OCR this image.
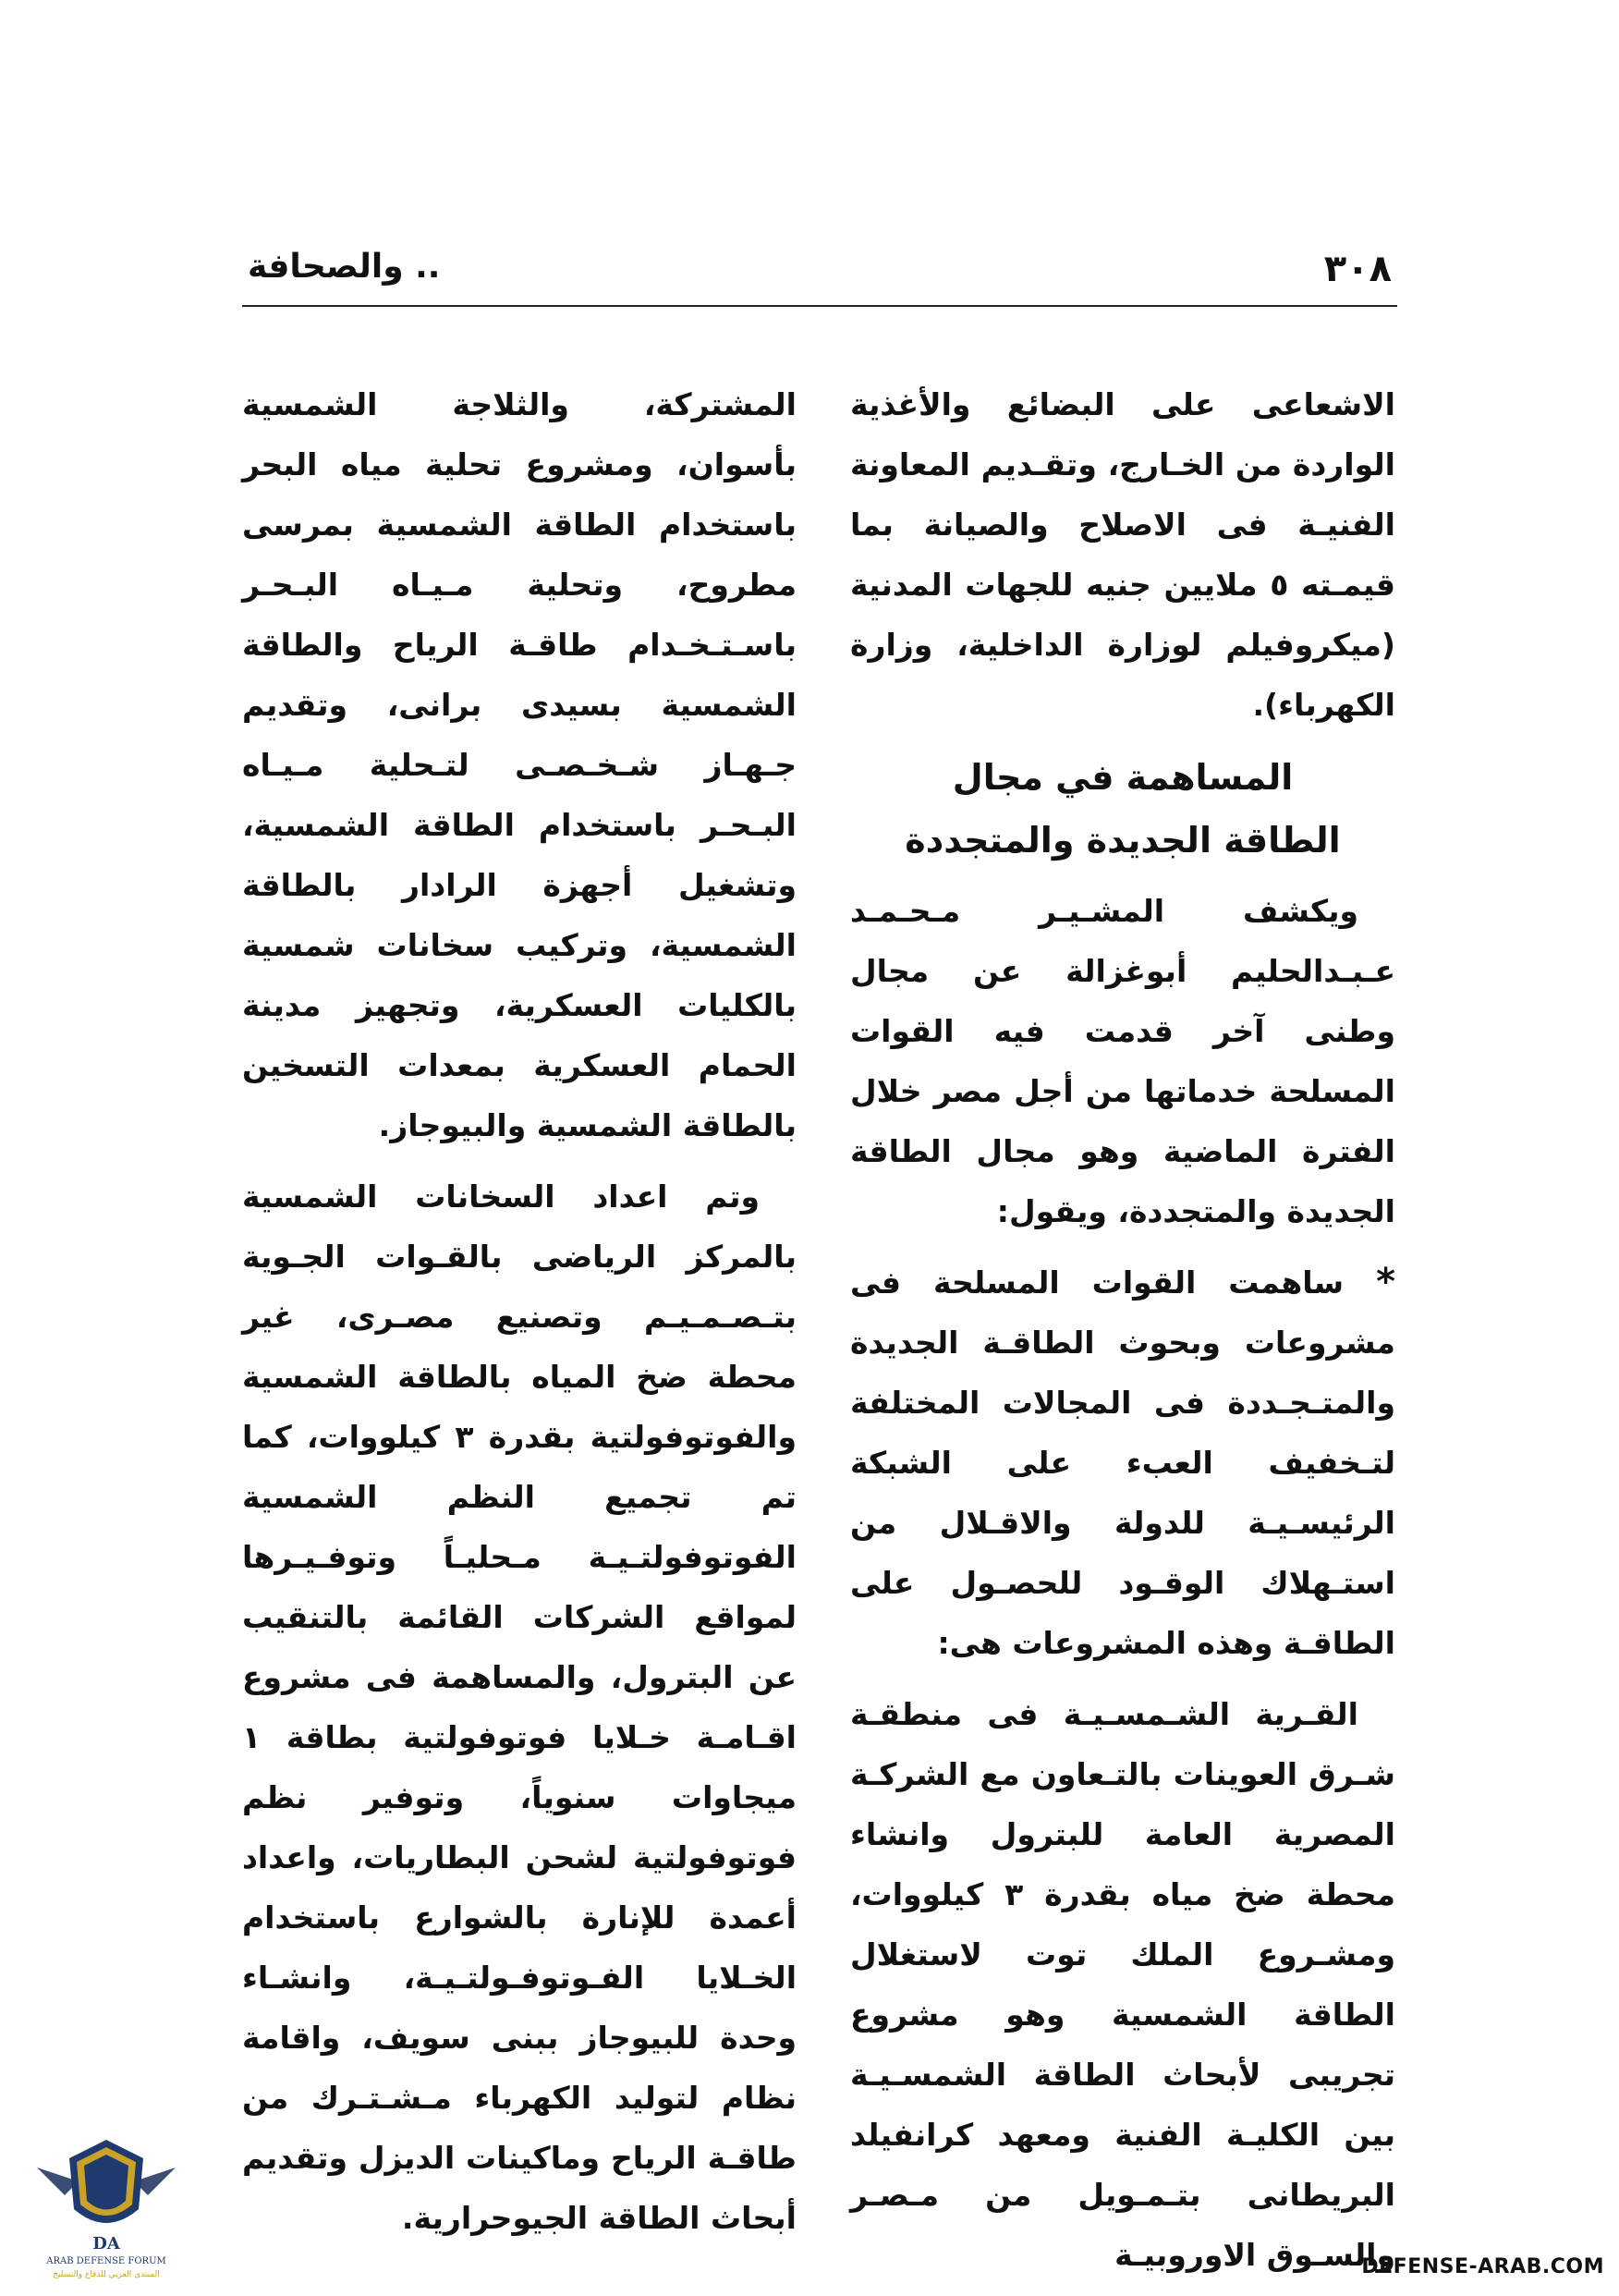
٣٠٨
.. والصحافة

الاشعاعى على البضائع والأغذية الواردة من الخـارج، وتقـديم المعاونة الفنيـة فى الاصلاح والصيانة بما قيمـته ٥ ملايين جنيه للجهات المدنية (ميكروفيلم لوزارة الداخلية، وزارة الكهرباء).

المساهمة في مجال
الطاقة الجديدة والمتجددة

ويكشف المشـيـر مـحـمـد عـبـدالحليم أبوغزالة عن مجال وطنى آخر قدمت فيه القوات المسلحة خدماتها من أجل مصر خلال الفترة الماضية وهو مجال الطاقة الجديدة والمتجددة، ويقول:

* ساهمت القوات المسلحة فى مشروعات وبحوث الطاقـة الجديدة والمتـجـددة فى المجالات المختلفة لتـخفيف العبء على الشبكة الرئيسـيـة للدولة والاقـلال من استـهلاك الوقـود للحصـول على الطاقـة وهذه المشروعات هى:

القـرية الشـمسـيـة فى منطقـة شـرق العوينات بالتـعاون مع الشركـة المصرية العامة للبترول وانشاء محطة ضخ مياه بقدرة ٣ كيلووات، ومشـروع الملك توت لاستغلال الطاقة الشمسية وهو مشروع تجريبى لأبحاث الطاقة الشمسـيـة بين الكليـة الفنية ومعهد كرانفيلد البريطانى بتـمـويل من مـصـر والسـوق الاوروبيـة

المشتركة، والثلاجة الشمسية بأسوان، ومشروع تحلية مياه البحر باستخدام الطاقة الشمسية بمرسى مطروح، وتحلية مـيـاه البـحـر باسـتـخـدام طاقـة الرياح والطاقة الشمسية بسيدى برانى، وتقديم جـهـاز شـخـصـى لتـحلية مـيـاه البـحـر باستخدام الطاقة الشمسية، وتشغيل أجهزة الرادار بالطاقة الشمسية، وتركيب سخانات شمسية بالكليات العسكرية، وتجهيز مدينة الحمام العسكرية بمعدات التسخين بالطاقة الشمسية والبيوجاز.

وتم اعداد السخانات الشمسية بالمركز الرياضى بالقـوات الجـوية بتـصـمـيـم وتصنيع مصـرى، غير محطة ضخ المياه بالطاقة الشمسية والفوتوفولتية بقدرة ٣ كيلووات، كما تم تجميع النظم الشمسية الفوتوفولتـيـة مـحليـاً وتوفـيـرها لمواقع الشركات القائمة بالتنقيب عن البترول، والمساهمة فى مشروع اقـامـة خـلايا فوتوفولتية بطاقة ١ ميجاوات سنوياً، وتوفير نظم فوتوفولتية لشحن البطاريات، واعداد أعمدة للإنارة بالشوارع باستخدام الخـلايا الفـوتوفـولتـيـة، وانشـاء وحدة للبيوجاز ببنى سويف، واقامة نظام لتوليد الكهرباء مـشـتـرك من طاقـة الرياح وماكينات الديزل وتقديم أبحاث الطاقة الجيوحرارية.

DA
ARAB DEFENSE FORUM
المنتدى العربي للدفاع والتسليح	DEFENSE-ARAB.COM
